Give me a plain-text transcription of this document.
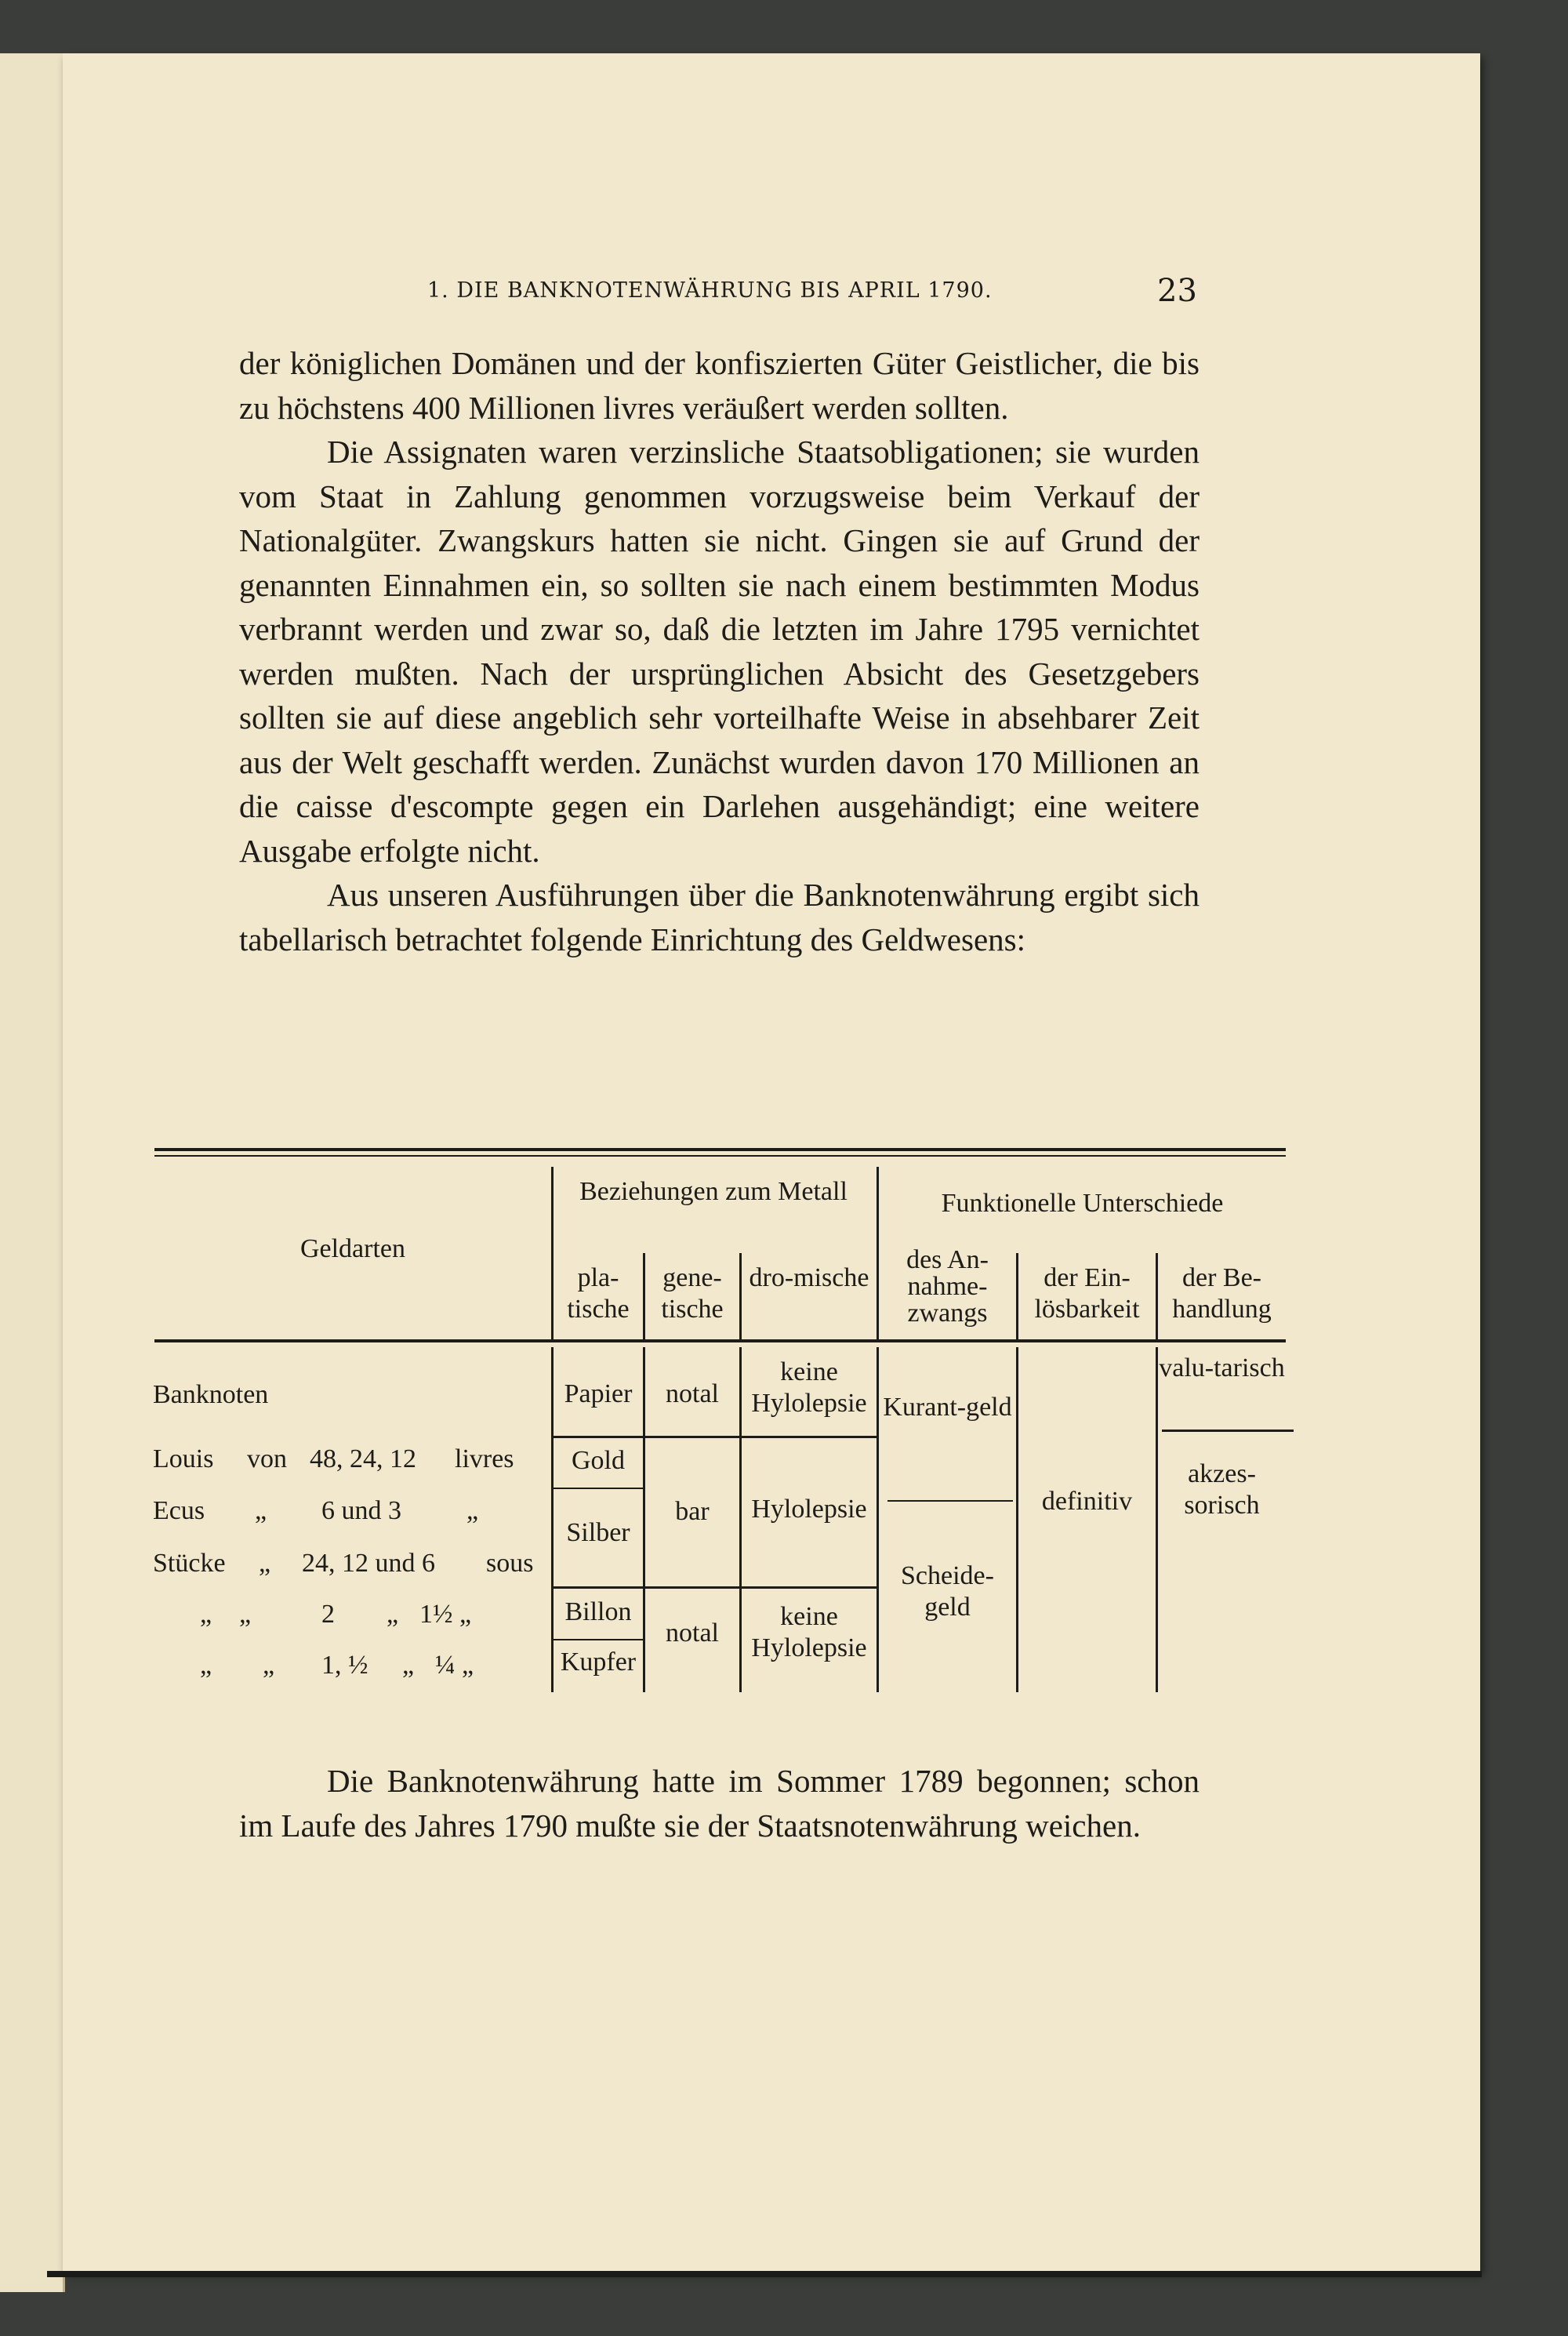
1. DIE BANKNOTENWÄHRUNG BIS APRIL 1790.	23

der königlichen Domänen und der konfiszierten Güter Geistlicher, die bis zu höchstens 400 Millionen livres veräußert werden sollten.

Die Assignaten waren verzinsliche Staatsobligationen; sie wurden vom Staat in Zahlung genommen vorzugsweise beim Verkauf der Nationalgüter. Zwangskurs hatten sie nicht. Gingen sie auf Grund der genannten Einnahmen ein, so sollten sie nach einem bestimmten Modus verbrannt werden und zwar so, daß die letzten im Jahre 1795 vernichtet werden mußten. Nach der ursprünglichen Absicht des Gesetzgebers sollten sie auf diese angeblich sehr vorteilhafte Weise in absehbarer Zeit aus der Welt geschafft werden. Zunächst wurden davon 170 Millionen an die caisse d'escompte gegen ein Darlehen ausgehändigt; eine weitere Ausgabe erfolgte nicht.

Aus unseren Ausführungen über die Banknotenwährung ergibt sich tabellarisch betrachtet folgende Einrichtung des Geldwesens:

Geldarten
Beziehungen zum Metall
pla-tische
gene-tische
dro-mische
Funktionelle Unterschiede
des An-nahme-zwangs
der Ein-lösbarkeit
der Be-handlung
Papier
Gold
Silber
Billon
Kupfer
notal
bar
notal
keine Hylolepsie
Hylolepsie
keine Hylolepsie
Kurant-geld
Scheide-geld
definitiv
valu-tarisch
akzes-sorisch
Banknoten
Louis von 48, 24, 12 livres
Ecus „ 6 und 3 „
Stücke „ 24, 12 und 6 sous
„ „	2 „ 1½ „
„ „ 1, ½ „ ¼ „

Die Banknotenwährung hatte im Sommer 1789 begonnen; schon im Laufe des Jahres 1790 mußte sie der Staatsnotenwährung weichen.
